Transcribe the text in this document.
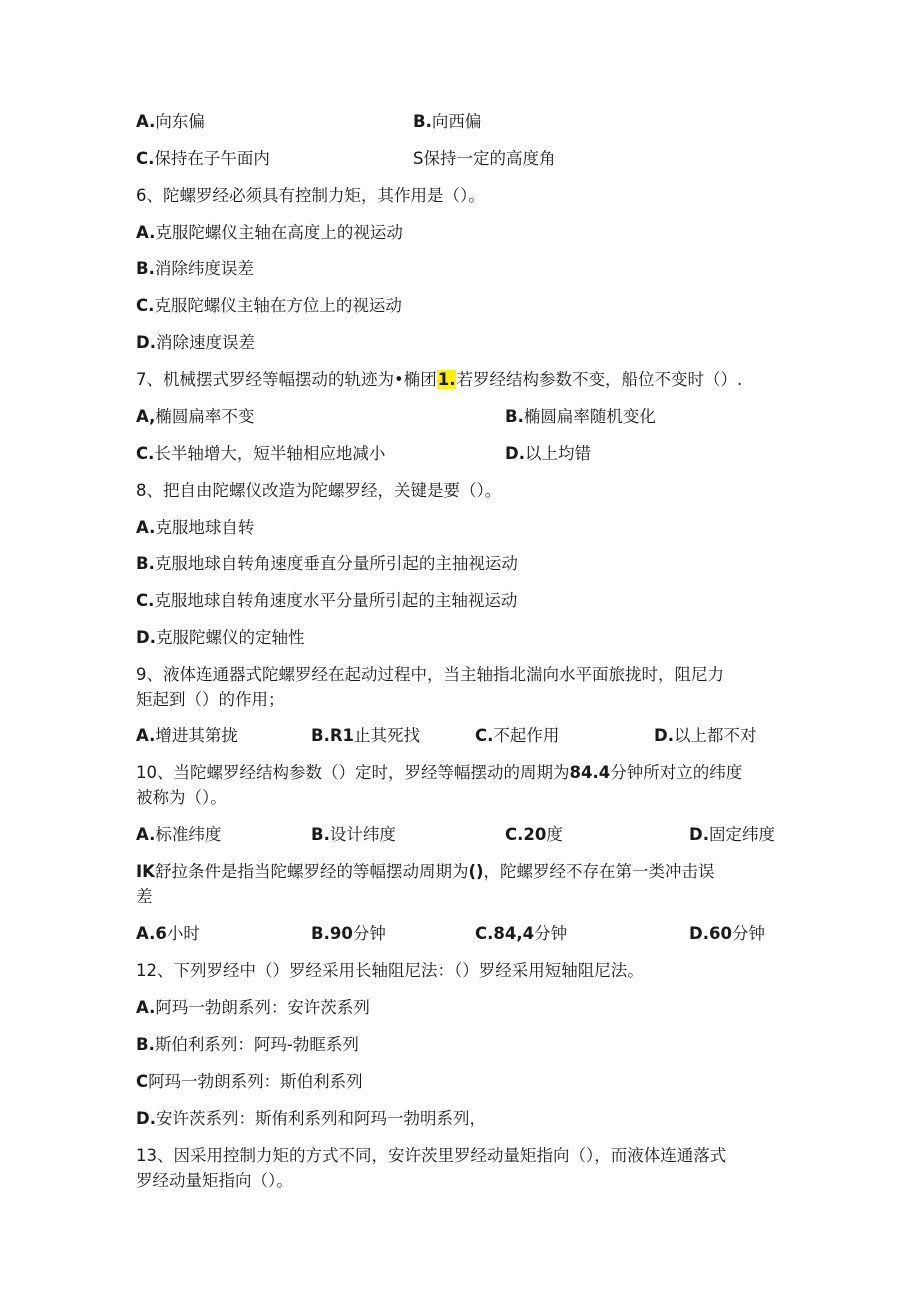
A.向东偏	B.向西偏
C.保持在子午面内	S保持一定的高度角
6、陀螺罗经必须具有控制力矩，其作用是（）。
A.克服陀螺仪主轴在高度上的视运动
B.消除纬度误差
C.克服陀螺仪主轴在方位上的视运动
D.消除速度误差
7、机械摆式罗经等幅摆动的轨迹为•椭团1.若罗经结构参数不变，船位不变时（）.
A,椭圆扁率不变	B.椭圆扁率随机变化
C.长半轴增大，短半轴相应地减小	D.以上均错
8、把自由陀螺仪改造为陀螺罗经，关键是要（）。
A.克服地球自转
B.克服地球自转角速度垂直分量所引起的主抽视运动
C.克服地球自转角速度水平分量所引起的主轴视运动
D.克服陀螺仪的定轴性
9、液体连通器式陀螺罗经在起动过程中，当主轴指北湍向水平面旅拢时，阻尼力
矩起到（）的作用；
A.增进其第拢	B.R1止其死找	C.不起作用	D.以上都不对
10、当陀螺罗经结构参数（）定时，罗经等幅摆动的周期为84.4分钟所对立的纬度
被称为（）。
A.标准纬度	B.设计纬度	C.20度	D.固定纬度
IK舒拉条件是指当陀螺罗经的等幅摆动周期为()，陀螺罗经不存在第一类冲击误
差
A.6小时	B.90分钟	C.84,4分钟	D.60分钟
12、下列罗经中（）罗经采用长轴阻尼法：（）罗经采用短轴阻尼法。
A.阿玛一勃朗系列：安许茨系列
B.斯伯利系列：阿玛-勃眶系列
C阿玛一勃朗系列：斯伯利系列
D.安许茨系列：斯侑利系列和阿玛一勃明系列，
13、因采用控制力矩的方式不同，安许茨里罗经动量矩指向（），而液体连通落式
罗经动量矩指向（）。
